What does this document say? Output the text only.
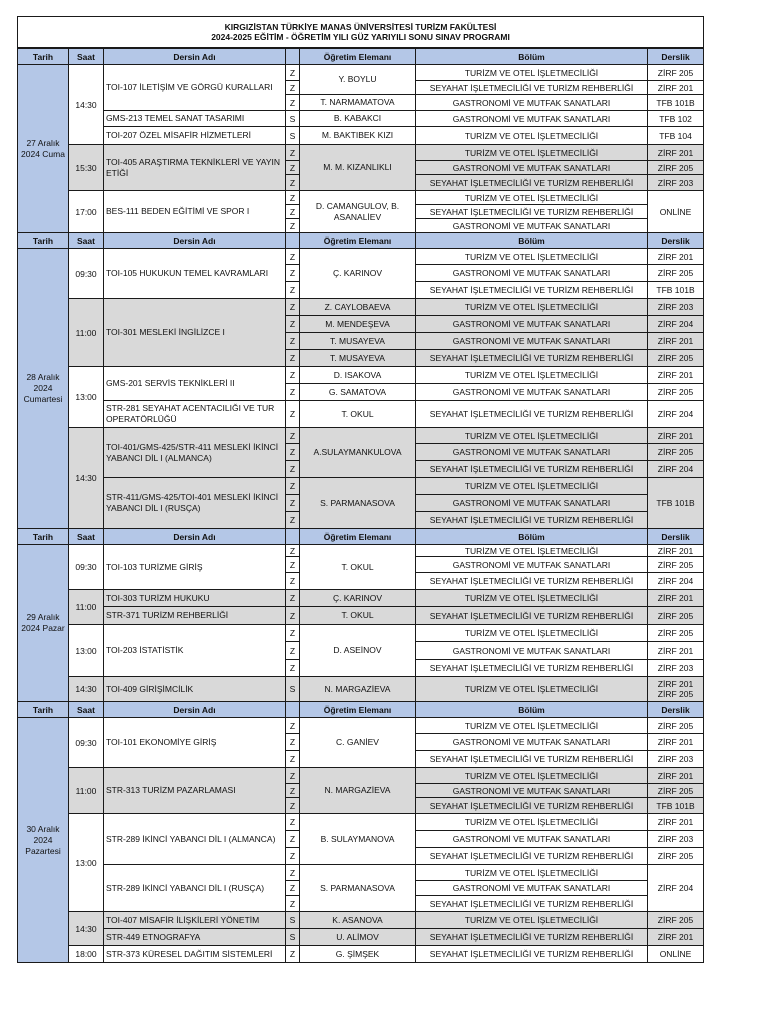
KIRGIZİSTAN TÜRKİYE MANAS ÜNİVERSİTESİ TURİZM FAKÜLTESİ
2024-2025 EĞİTİM - ÖĞRETİM YILI GÜZ YARIYILI SONU SINAV PROGRAMI						

Tarih	Saat	Dersin Adı		Öğretim Elemanı	Bölüm	Derslik
27 Aralık 2024 Cuma	14:30	TOI-107 İLETİŞİM VE GÖRGÜ KURALLARI	Z	Y. BOYLU	TURİZM VE OTEL İŞLETMECİLİĞİ	ZİRF 205
			Z		SEYAHAT İŞLETMECİLİĞİ VE TURİZM REHBERLİĞİ	ZİRF 201
			Z	T. NARMAMATOVA	GASTRONOMİ VE MUTFAK SANATLARI	TFB 101B
		GMS-213 TEMEL SANAT TASARIMI	S	B. KABAKCI	GASTRONOMİ VE MUTFAK SANATLARI	TFB 102
		TOI-207 ÖZEL MİSAFİR HİZMETLERİ	S	M. BAKTIBEK KIZI	TURİZM VE OTEL İŞLETMECİLİĞİ	TFB 104
	15:30	TOI-405 ARAŞTIRMA TEKNİKLERİ VE YAYIN ETİĞİ	Z	M. M. KIZANLIKLI	TURİZM VE OTEL İŞLETMECİLİĞİ	ZİRF 201
			Z		GASTRONOMİ VE MUTFAK SANATLARI	ZİRF 205
			Z		SEYAHAT İŞLETMECİLİĞİ VE TURİZM REHBERLİĞİ	ZİRF 203
	17:00	BES-111 BEDEN EĞİTİMİ VE SPOR I	Z	D. CAMANGULOV, B. ASANALİEV	TURİZM VE OTEL İŞLETMECİLİĞİ	ONLİNE
			Z		SEYAHAT İŞLETMECİLİĞİ VE TURİZM REHBERLİĞİ	
			Z		GASTRONOMİ VE MUTFAK SANATLARI	
Tarih	Saat	Dersin Adı		Öğretim Elemanı	Bölüm	Derslik
28 Aralık 2024 Cumartesi	09:30	TOI-105 HUKUKUN TEMEL KAVRAMLARI	Z	Ç. KARINOV	TURİZM VE OTEL İŞLETMECİLİĞİ	ZİRF 201
			Z		GASTRONOMİ VE MUTFAK SANATLARI	ZİRF 205
			Z		SEYAHAT İŞLETMECİLİĞİ VE TURİZM REHBERLİĞİ	TFB 101B
	11:00	TOI-301 MESLEKİ İNGİLİZCE I	Z	Z. CAYLOBAEVA	TURİZM VE OTEL İŞLETMECİLİĞİ	ZİRF 203
			Z	M. MENDEŞEVA	GASTRONOMİ VE MUTFAK SANATLARI	ZİRF 204
			Z	T. MUSAYEVA	GASTRONOMİ VE MUTFAK SANATLARI	ZİRF 201
			Z	T. MUSAYEVA	SEYAHAT İŞLETMECİLİĞİ VE TURİZM REHBERLİĞİ	ZİRF 205
	13:00	GMS-201 SERVİS TEKNİKLERİ II	Z	D. ISAKOVA	TURİZM VE OTEL İŞLETMECİLİĞİ	ZİRF 201
			Z	G. SAMATOVA	GASTRONOMİ VE MUTFAK SANATLARI	ZİRF 205
		STR-281 SEYAHAT ACENTACILIĞI VE TUR OPERATÖRLÜĞÜ	Z	T. OKUL	SEYAHAT İŞLETMECİLİĞİ VE TURİZM REHBERLİĞİ	ZİRF 204
	14:30	TOI-401/GMS-425/STR-411 MESLEKİ İKİNCİ YABANCI DİL I (ALMANCA)	Z	A.SULAYMANKULOVA	TURİZM VE OTEL İŞLETMECİLİĞİ	ZİRF 201
			Z		GASTRONOMİ VE MUTFAK SANATLARI	ZİRF 205
			Z		SEYAHAT İŞLETMECİLİĞİ VE TURİZM REHBERLİĞİ	ZİRF 204
		STR-411/GMS-425/TOI-401 MESLEKİ İKİNCİ YABANCI DİL I (RUSÇA)	Z	S. PARMANASOVA	TURİZM VE OTEL İŞLETMECİLİĞİ	TFB 101B
			Z		GASTRONOMİ VE MUTFAK SANATLARI	
			Z		SEYAHAT İŞLETMECİLİĞİ VE TURİZM REHBERLİĞİ	
Tarih	Saat	Dersin Adı		Öğretim Elemanı	Bölüm	Derslik
29 Aralık 2024 Pazar	09:30	TOI-103 TURİZME GİRİŞ	Z	T. OKUL	TURİZM VE OTEL İŞLETMECİLİĞİ	ZİRF 201
			Z		GASTRONOMİ VE MUTFAK SANATLARI	ZİRF 205
			Z		SEYAHAT İŞLETMECİLİĞİ VE TURİZM REHBERLİĞİ	ZİRF 204
	11:00	TOI-303 TURİZM HUKUKU	Z	Ç. KARINOV	TURİZM VE OTEL İŞLETMECİLİĞİ	ZİRF 201
		STR-371 TURİZM REHBERLİĞİ	Z	T. OKUL	SEYAHAT İŞLETMECİLİĞİ VE TURİZM REHBERLİĞİ	ZİRF 205
	13:00	TOI-203 İSTATİSTİK	Z	D. ASEİNOV	TURİZM VE OTEL İŞLETMECİLİĞİ	ZİRF 205
			Z		GASTRONOMİ VE MUTFAK SANATLARI	ZİRF 201
			Z		SEYAHAT İŞLETMECİLİĞİ VE TURİZM REHBERLİĞİ	ZİRF 203
	14:30	TOI-409 GİRİŞİMCİLİK	S	N. MARGAZİEVA	TURİZM VE OTEL İŞLETMECİLİĞİ	ZİRF 201 ZİRF 205
Tarih	Saat	Dersin Adı		Öğretim Elemanı	Bölüm	Derslik
30 Aralık 2024 Pazartesi	09:30	TOI-101 EKONOMİYE GİRİŞ	Z	C. GANİEV	TURİZM VE OTEL İŞLETMECİLİĞİ	ZİRF 205
			Z		GASTRONOMİ VE MUTFAK SANATLARI	ZİRF 201
			Z		SEYAHAT İŞLETMECİLİĞİ VE TURİZM REHBERLİĞİ	ZİRF 203
	11:00	STR-313 TURİZM PAZARLAMASI	Z	N. MARGAZİEVA	TURİZM VE OTEL İŞLETMECİLİĞİ	ZİRF 201
			Z		GASTRONOMİ VE MUTFAK SANATLARI	ZİRF 205
			Z		SEYAHAT İŞLETMECİLİĞİ VE TURİZM REHBERLİĞİ	TFB 101B
	13:00	STR-289 İKİNCİ YABANCI DİL I (ALMANCA)	Z	B. SULAYMANOVA	TURİZM VE OTEL İŞLETMECİLİĞİ	ZİRF 201
			Z		GASTRONOMİ VE MUTFAK SANATLARI	ZİRF 203
			Z		SEYAHAT İŞLETMECİLİĞİ VE TURİZM REHBERLİĞİ	ZİRF 205
		STR-289 İKİNCİ YABANCI DİL I (RUSÇA)	Z	S. PARMANASOVA	TURİZM VE OTEL İŞLETMECİLİĞİ	ZİRF 204
			Z		GASTRONOMİ VE MUTFAK SANATLARI	
			Z		SEYAHAT İŞLETMECİLİĞİ VE TURİZM REHBERLİĞİ	
	14:30	TOI-407 MİSAFİR İLİŞKİLERİ YÖNETİM	S	K. ASANOVA	TURİZM VE OTEL İŞLETMECİLİĞİ	ZİRF 205
		STR-449 ETNOGRAFYA	S	U. ALİMOV	SEYAHAT İŞLETMECİLİĞİ VE TURİZM REHBERLİĞİ	ZİRF 201
	18:00	STR-373 KÜRESEL DAĞITIM SİSTEMLERİ	Z	G. ŞİMŞEK	SEYAHAT İŞLETMECİLİĞİ VE TURİZM REHBERLİĞİ	ONLİNE
